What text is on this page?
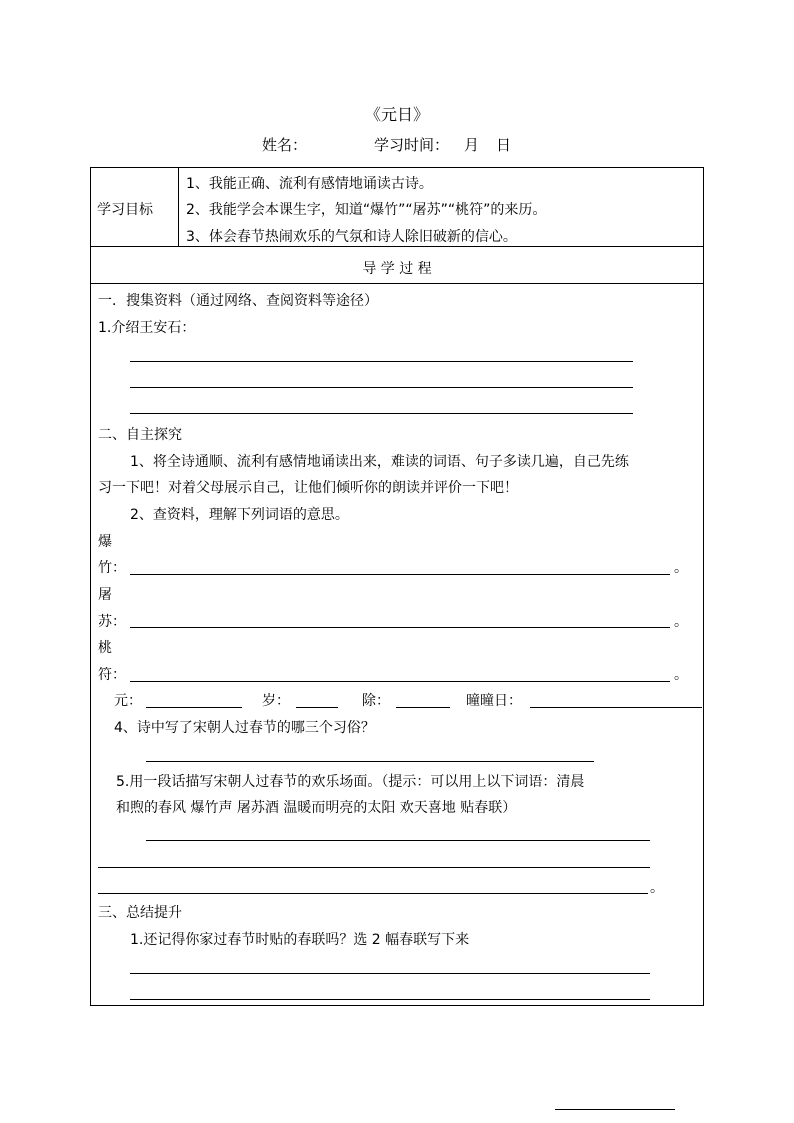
《元日》
姓名：	学习时间： 月 日
学习目标
1、我能正确、流利有感情地诵读古诗。
2、我能学会本课生字，知道“爆竹”“屠苏”“桃符”的来历。
3、体会春节热闹欢乐的气氛和诗人除旧破新的信心。
导 学 过 程
一．搜集资料（通过网络、查阅资料等途径）
1.介绍王安石：
二、自主探究
1、将全诗通顺、流利有感情地诵读出来，难读的词语、句子多读几遍，自己先练
习一下吧！对着父母展示自己，让他们倾听你的朗读并评价一下吧！
2、查资料，理解下列词语的意思。
爆
竹：	。
屠
苏：	。
桃
符：	。
元：	岁：	除：	曈曈日：
4、诗中写了宋朝人过春节的哪三个习俗？
5.用一段话描写宋朝人过春节的欢乐场面。（提示：可以用上以下词语：清晨
和煦的春风 爆竹声 屠苏酒 温暖而明亮的太阳 欢天喜地 贴春联）
。
三、总结提升
1.还记得你家过春节时贴的春联吗？选 2 幅春联写下来
